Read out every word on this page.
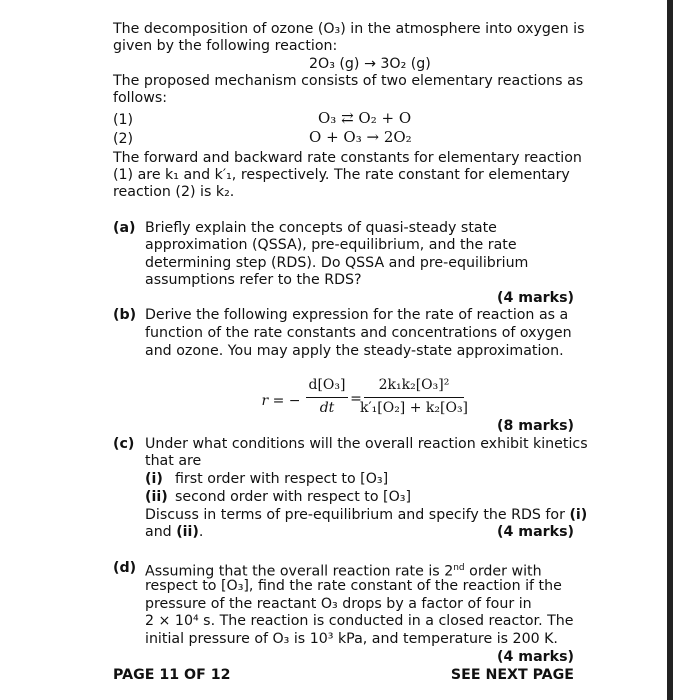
The decomposition of ozone (O₃) in the atmosphere into oxygen is
given by the following reaction:
2O₃ (g) → 3O₂ (g)
The proposed mechanism consists of two elementary reactions as
follows:
(1)	O₃ ⇄ O₂ + O
(2)	O + O₃ → 2O₂
The forward and backward rate constants for elementary reaction
(1) are k₁ and k′₁, respectively. The rate constant for elementary
reaction (2) is k₂.
(a) Briefly explain the concepts of quasi-steady state
approximation (QSSA), pre-equilibrium, and the rate
determining step (RDS). Do QSSA and pre-equilibrium
assumptions refer to the RDS?
(4 marks)
(b) Derive the following expression for the rate of reaction as a
function of the rate constants and concentrations of oxygen
and ozone. You may apply the steady-state approximation.
r = −
d[O₃]
dt
=
2k₁k₂[O₃]²
k′₁[O₂] + k₂[O₃]
(8 marks)
(c) Under what conditions will the overall reaction exhibit kinetics
that are
(i) first order with respect to [O₃]
(ii) second order with respect to [O₃]
Discuss in terms of pre-equilibrium and specify the RDS for (i)
and (ii).	(4 marks)
(d) Assuming that the overall reaction rate is 2nd order with
respect to [O₃], find the rate constant of the reaction if the
pressure of the reactant O₃ drops by a factor of four in
2 × 10⁴ s. The reaction is conducted in a closed reactor. The
initial pressure of O₃ is 10³ kPa, and temperature is 200 K.
(4 marks)
PAGE 11 OF 12	SEE NEXT PAGE
